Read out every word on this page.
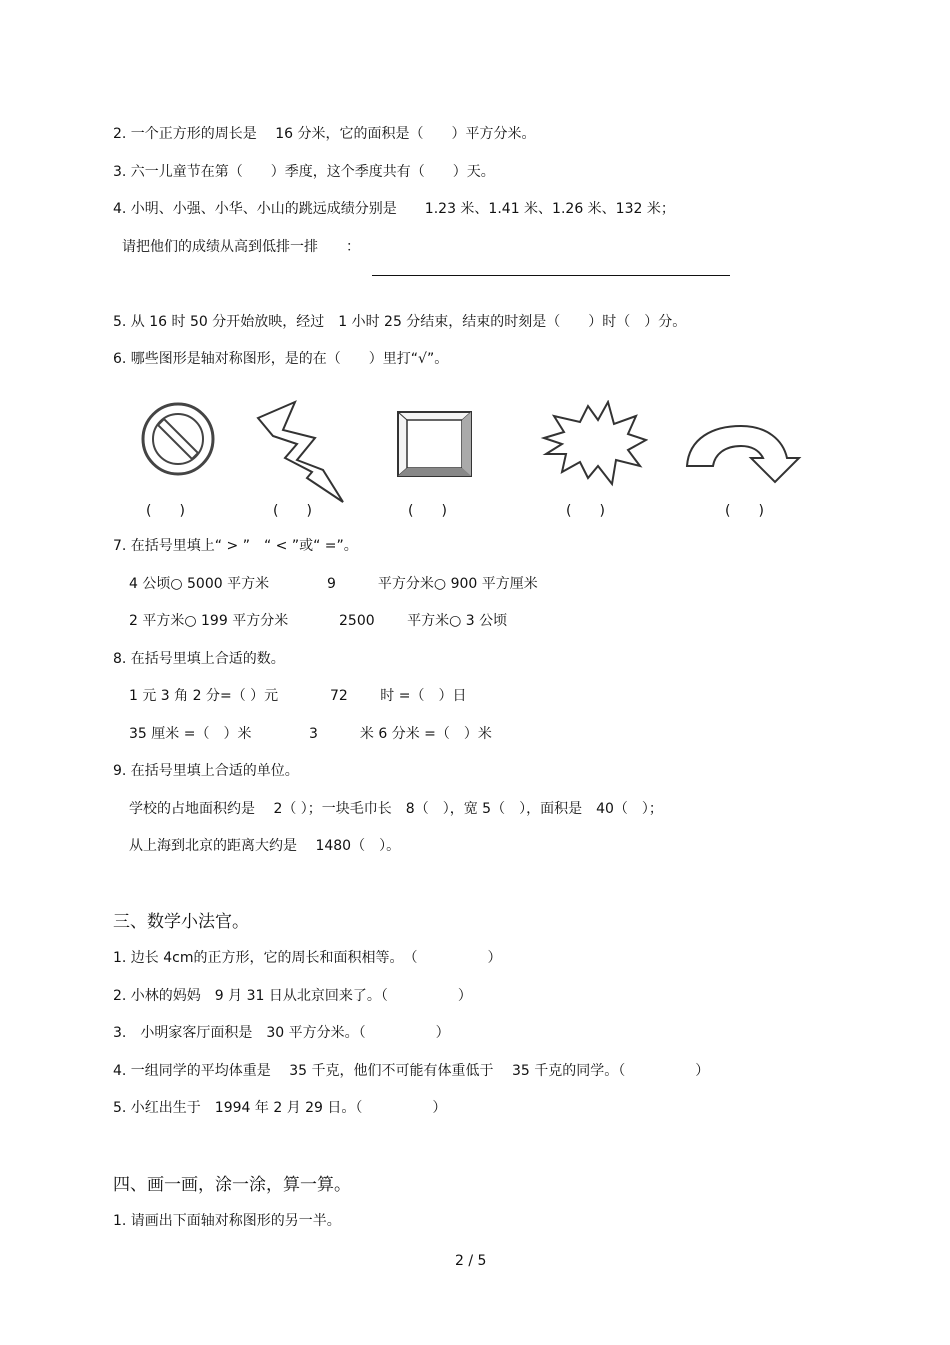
2. 一个正方形的周长是　 16 分米，它的面积是（　　）平方分米。
3. 六一儿童节在第（　　）季度，这个季度共有（　　）天。
4. 小明、小强、小华、小山的跳远成绩分别是　　1.23 米、1.41 米、1.26 米、132 米；
请把他们的成绩从高到低排一排　　：
5. 从 16 时 50 分开始放映，经过　1 小时 25 分结束，结束的时刻是（　　）时（　）分。
6. 哪些图形是轴对称图形，是的在（　　）里打“√”。
(　　)	(　　)	(　　)	(　　)	(　　)
7. 在括号里填上“ > ”　“ < ”或“ =”。
4 公顷○ 5000 平方米	9　　　平方分米○ 900 平方厘米
2 平方米○ 199 平方分米	2500　　 平方米○ 3 公顷
8. 在括号里填上合适的数。
1 元 3 角 2 分=（ ）元	72　　 时 =（　）日
35 厘米 =（　）米	3　　　米 6 分米 =（　）米
9. 在括号里填上合适的单位。
学校的占地面积约是　 2（ ）；一块毛巾长　8（　），宽 5（　），面积是　40（　）；
从上海到北京的距离大约是　 1480（　）。
三、数学小法官。
1. 边长 4cm的正方形，它的周长和面积相等。　（　　　　　）
2. 小林的妈妈　9 月 31 日从北京回来了。（　　　　　）
3.　小明家客厅面积是　30 平方分米。（　　　　　）
4. 一组同学的平均体重是　 35 千克，他们不可能有体重低于　 35 千克的同学。（　　　　　）
5. 小红出生于　1994 年 2 月 29 日。（　　　　　）
四、画一画，涂一涂，算一算。
1. 请画出下面轴对称图形的另一半。
2 / 5
